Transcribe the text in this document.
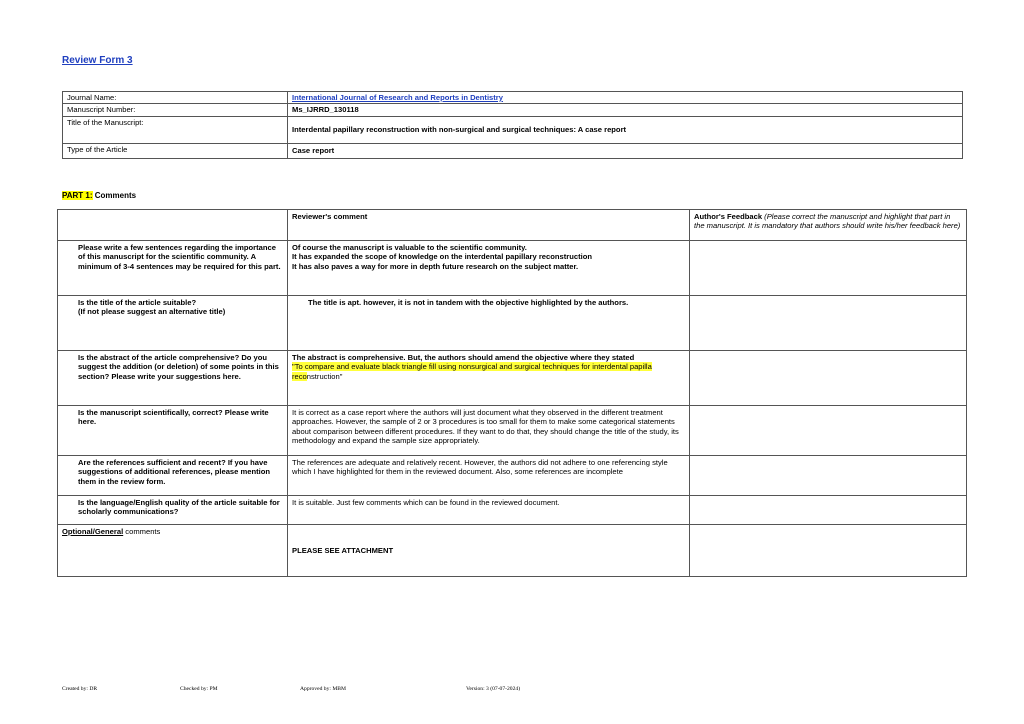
Review Form 3
Journal Name:	International Journal of Research and Reports in Dentistry
Manuscript Number:	Ms_IJRRD_130118
Title of the Manuscript:	Interdental papillary reconstruction with non-surgical and surgical techniques: A case report
Type of the Article	Case report
PART 1: Comments
	Reviewer's comment	Author's Feedback (Please correct the manuscript and highlight that part in the manuscript. It is mandatory that authors should write his/her feedback here)
Please write a few sentences regarding the importance of this manuscript for the scientific community. A minimum of 3-4 sentences may be required for this part.	Of course the manuscript is valuable to the scientific community.
It has expanded the scope of knowledge on the interdental papillary reconstruction
It has also paves a way for more in depth future research on the subject matter.	

Is the title of the article suitable?
(If not please suggest an alternative title)	The title is apt. however, it is not in tandem with the objective highlighted by the authors.	
Is the abstract of the article comprehensive? Do you suggest the addition (or deletion) of some points in this section? Please write your suggestions here.	The abstract is comprehensive. But, the authors should amend the objective where they stated
"To compare and evaluate black triangle fill using nonsurgical and surgical techniques for interdental papilla reconstruction"	

Is the manuscript scientifically, correct? Please write here.	It is correct as a case report where the authors will just document what they observed in the different treatment approaches. However, the sample of 2 or 3 procedures is too small for them to make some categorical statements about comparison between different procedures. If they want to do that, they should change the title of the study, its methodology and expand the sample size appropriately.	
Are the references sufficient and recent? If you have suggestions of additional references, please mention them in the review form.	The references are adequate and relatively recent. However, the authors did not adhere to one referencing style which I have highlighted for them in the reviewed document. Also, some references are incomplete	
Is the language/English quality of the article suitable for scholarly communications?	It is suitable. Just few comments which can be found in the reviewed document.	
Optional/General comments	PLEASE SEE ATTACHMENT	
Created by: DR	Checked by: PM	Approved by: MBM	Version: 3 (07-07-2024)
